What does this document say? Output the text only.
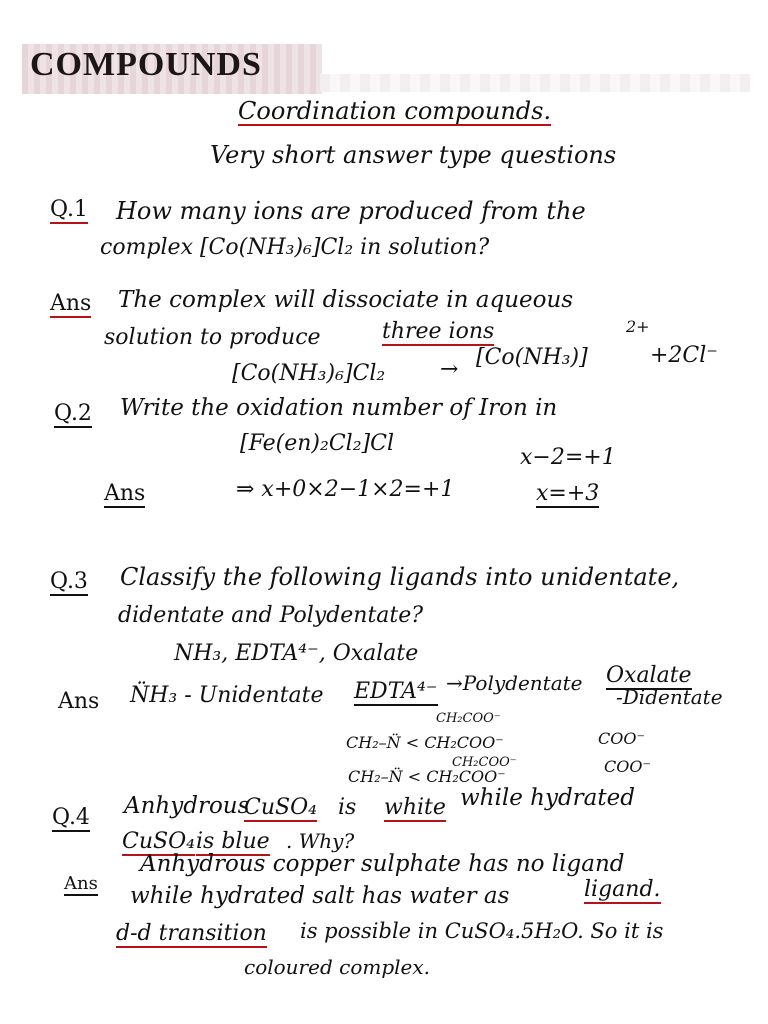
COMPOUNDS
Coordination compounds.
Very short answer type questions
Q.1 How many ions are produced from the
complex [Co(NH₃)₆]Cl₂ in solution?
Ans The complex will dissociate in aqueous
solution to produce	three ions
[Co(NH₃)₆]Cl₂ → [Co(NH₃)]
2+
+2Cl⁻
Q.2 Write the oxidation number of Iron in
[Fe(en)₂Cl₂]Cl
x−2=+1
Ans	⇒ x+0×2−1×2=+1	x=+3
Q.3 Classify the following ligands into unidentate,
didentate and Polydentate?
NH₃, EDTA⁴⁻, Oxalate
Ans N̈H₃ - Unidentate EDTA⁴⁻ →Polydentate Oxalate
-Didentate
CH₂COO⁻
CH₂–N̈ < CH₂COO⁻
CH₂COO⁻
CH₂–N̈ < CH₂COO⁻
COO⁻
COO⁻
Q.4 Anhydrous
CuSO₄ is white while hydrated
CuSO₄ is blue . Why?
Ans
Anhydrous copper sulphate has no ligand
while hydrated salt has water as	ligand.
d-d transition is possible in CuSO₄.5H₂O. So it is
coloured complex.
